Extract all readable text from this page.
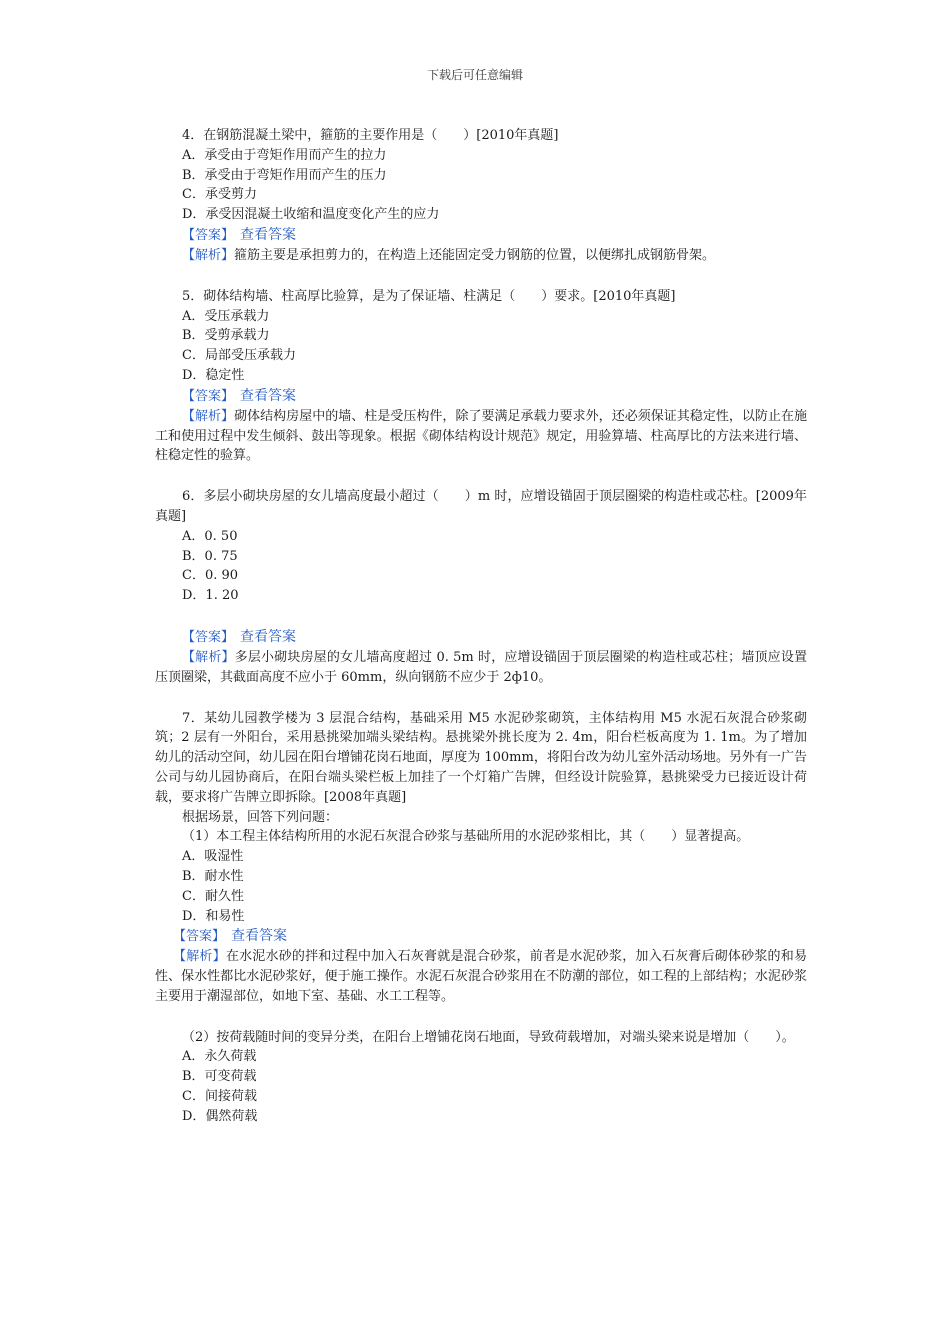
下载后可任意编辑
4．在钢筋混凝土梁中，箍筋的主要作用是（　　）[2010年真题]
A．承受由于弯矩作用而产生的拉力
B．承受由于弯矩作用而产生的压力
C．承受剪力
D．承受因混凝土收缩和温度变化产生的应力
【答案】 查看答案
【解析】箍筋主要是承担剪力的，在构造上还能固定受力钢筋的位置，以便绑扎成钢筋骨架。
5．砌体结构墙、柱高厚比验算，是为了保证墙、柱满足（　　）要求。[2010年真题]
A．受压承载力
B．受剪承载力
C．局部受压承载力
D．稳定性
【答案】 查看答案
【解析】砌体结构房屋中的墙、柱是受压构件，除了要满足承载力要求外，还必须保证其稳定性，以防止在施工和使用过程中发生倾斜、鼓出等现象。根据《砌体结构设计规范》规定，用验算墙、柱高厚比的方法来进行墙、柱稳定性的验算。
6．多层小砌块房屋的女儿墙高度最小超过（　　）m 时，应增设锚固于顶层圈梁的构造柱或芯柱。[2009年真题]
A．0. 50
B．0. 75
C．0. 90
D．1. 20
【答案】 查看答案
【解析】多层小砌块房屋的女儿墙高度超过 0. 5m 时，应增设锚固于顶层圈梁的构造柱或芯柱；墙顶应设置压顶圈梁，其截面高度不应小于 60mm，纵向钢筋不应少于 2ф10。
7．某幼儿园教学楼为 3 层混合结构，基础采用 M5 水泥砂浆砌筑，主体结构用 M5 水泥石灰混合砂浆砌筑；2 层有一外阳台，采用悬挑梁加端头梁结构。悬挑梁外挑长度为 2. 4m，阳台栏板高度为 1. 1m。为了增加幼儿的活动空间，幼儿园在阳台增铺花岗石地面，厚度为 100mm，将阳台改为幼儿室外活动场地。另外有一广告公司与幼儿园协商后，在阳台端头梁栏板上加挂了一个灯箱广告牌，但经设计院验算，悬挑梁受力已接近设计荷载，要求将广告牌立即拆除。[2008年真题]
根据场景，回答下列问题：
（1）本工程主体结构所用的水泥石灰混合砂浆与基础所用的水泥砂浆相比，其（　　）显著提高。
A．吸湿性
B．耐水性
C．耐久性
D．和易性
【答案】 查看答案
【解析】在水泥水砂的拌和过程中加入石灰膏就是混合砂浆，前者是水泥砂浆，加入石灰膏后砌体砂浆的和易性、保水性都比水泥砂浆好，便于施工操作。水泥石灰混合砂浆用在不防潮的部位，如工程的上部结构；水泥砂浆主要用于潮湿部位，如地下室、基础、水工工程等。
（2）按荷载随时间的变异分类，在阳台上增铺花岗石地面，导致荷载增加，对端头梁来说是增加（　　）。
A．永久荷载
B．可变荷载
C．间接荷载
D．偶然荷载
